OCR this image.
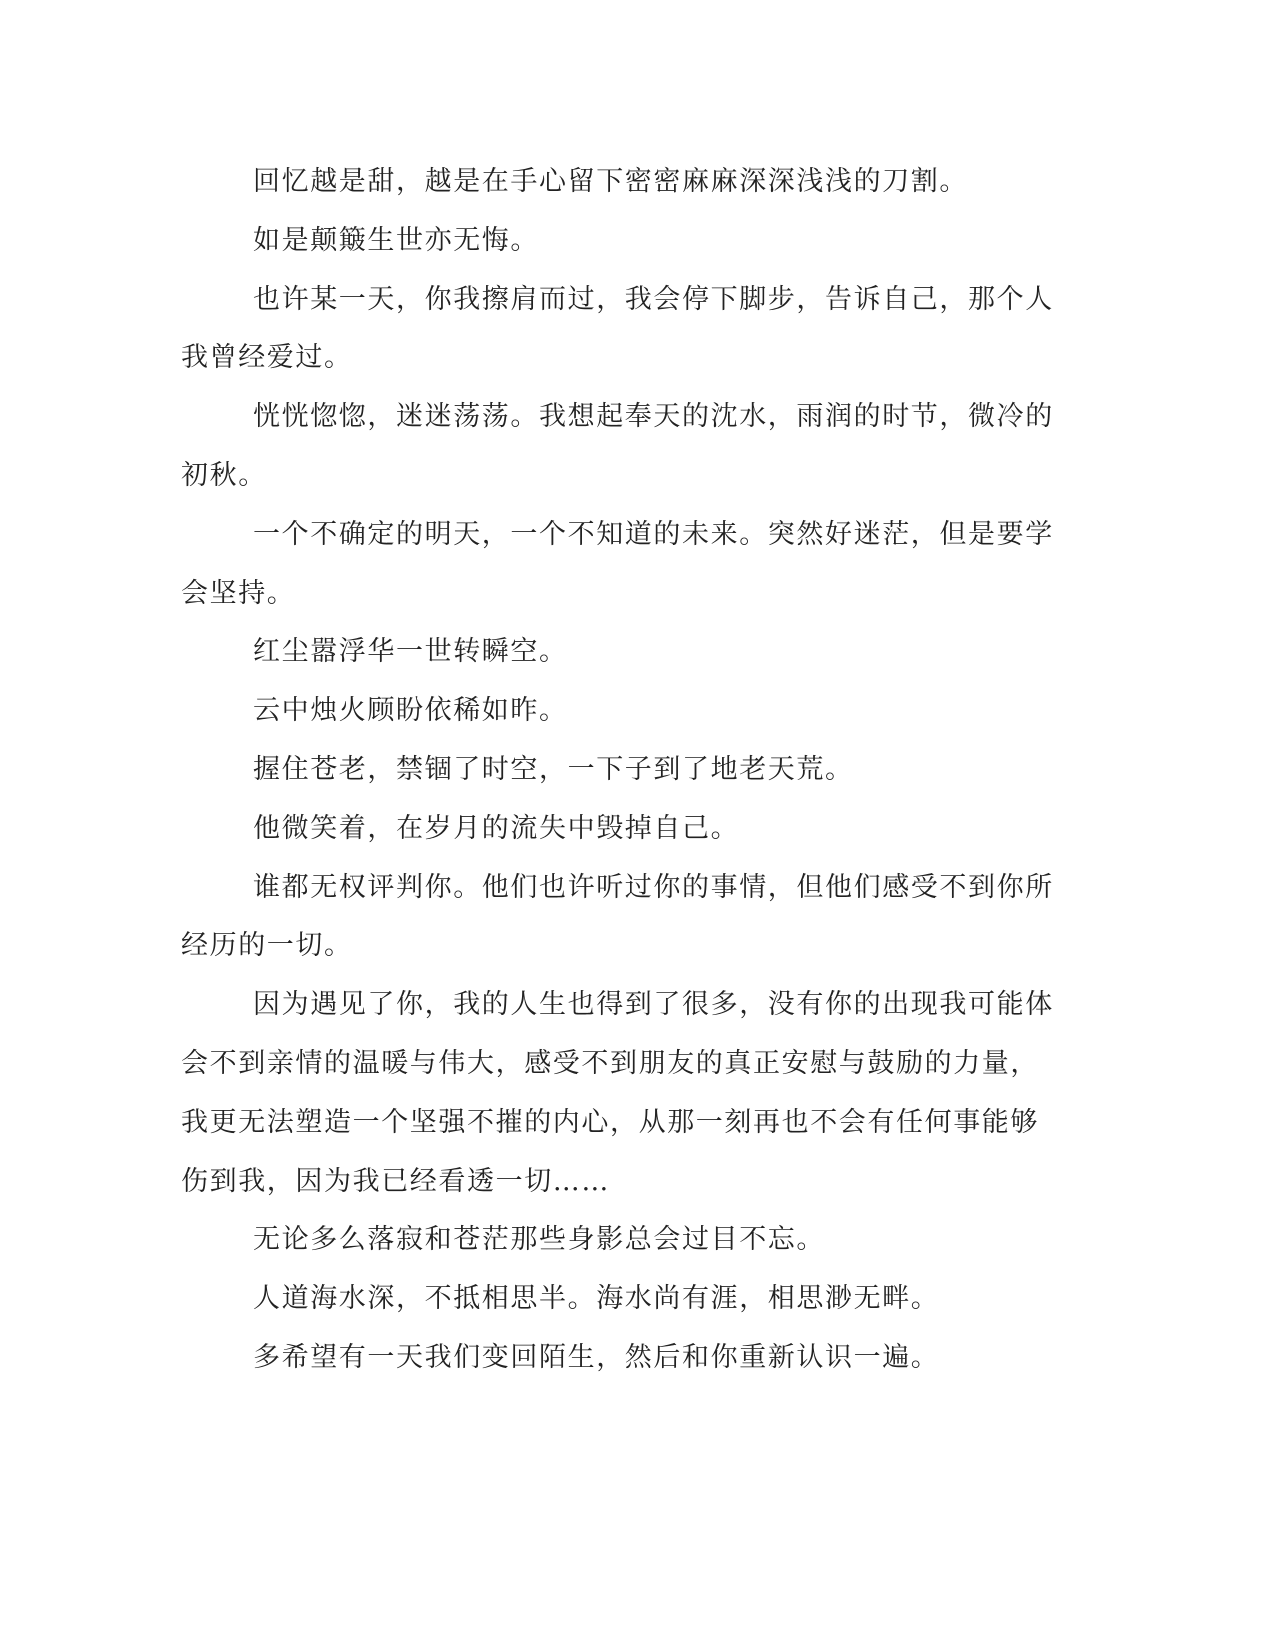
回忆越是甜，越是在手心留下密密麻麻深深浅浅的刀割。

如是颠簸生世亦无悔。

也许某一天，你我擦肩而过，我会停下脚步，告诉自己，那个人
我曾经爱过。

恍恍惚惚，迷迷荡荡。我想起奉天的沈水，雨润的时节，微冷的
初秋。

一个不确定的明天，一个不知道的未来。突然好迷茫，但是要学
会坚持。

红尘嚣浮华一世转瞬空。

云中烛火顾盼依稀如昨。

握住苍老，禁锢了时空，一下子到了地老天荒。

他微笑着，在岁月的流失中毁掉自己。

谁都无权评判你。他们也许听过你的事情，但他们感受不到你所
经历的一切。

因为遇见了你，我的人生也得到了很多，没有你的出现我可能体
会不到亲情的温暖与伟大，感受不到朋友的真正安慰与鼓励的力量，
我更无法塑造一个坚强不摧的内心，从那一刻再也不会有任何事能够
伤到我，因为我已经看透一切……

无论多么落寂和苍茫那些身影总会过目不忘。

人道海水深，不抵相思半。海水尚有涯，相思渺无畔。

多希望有一天我们变回陌生，然后和你重新认识一遍。
